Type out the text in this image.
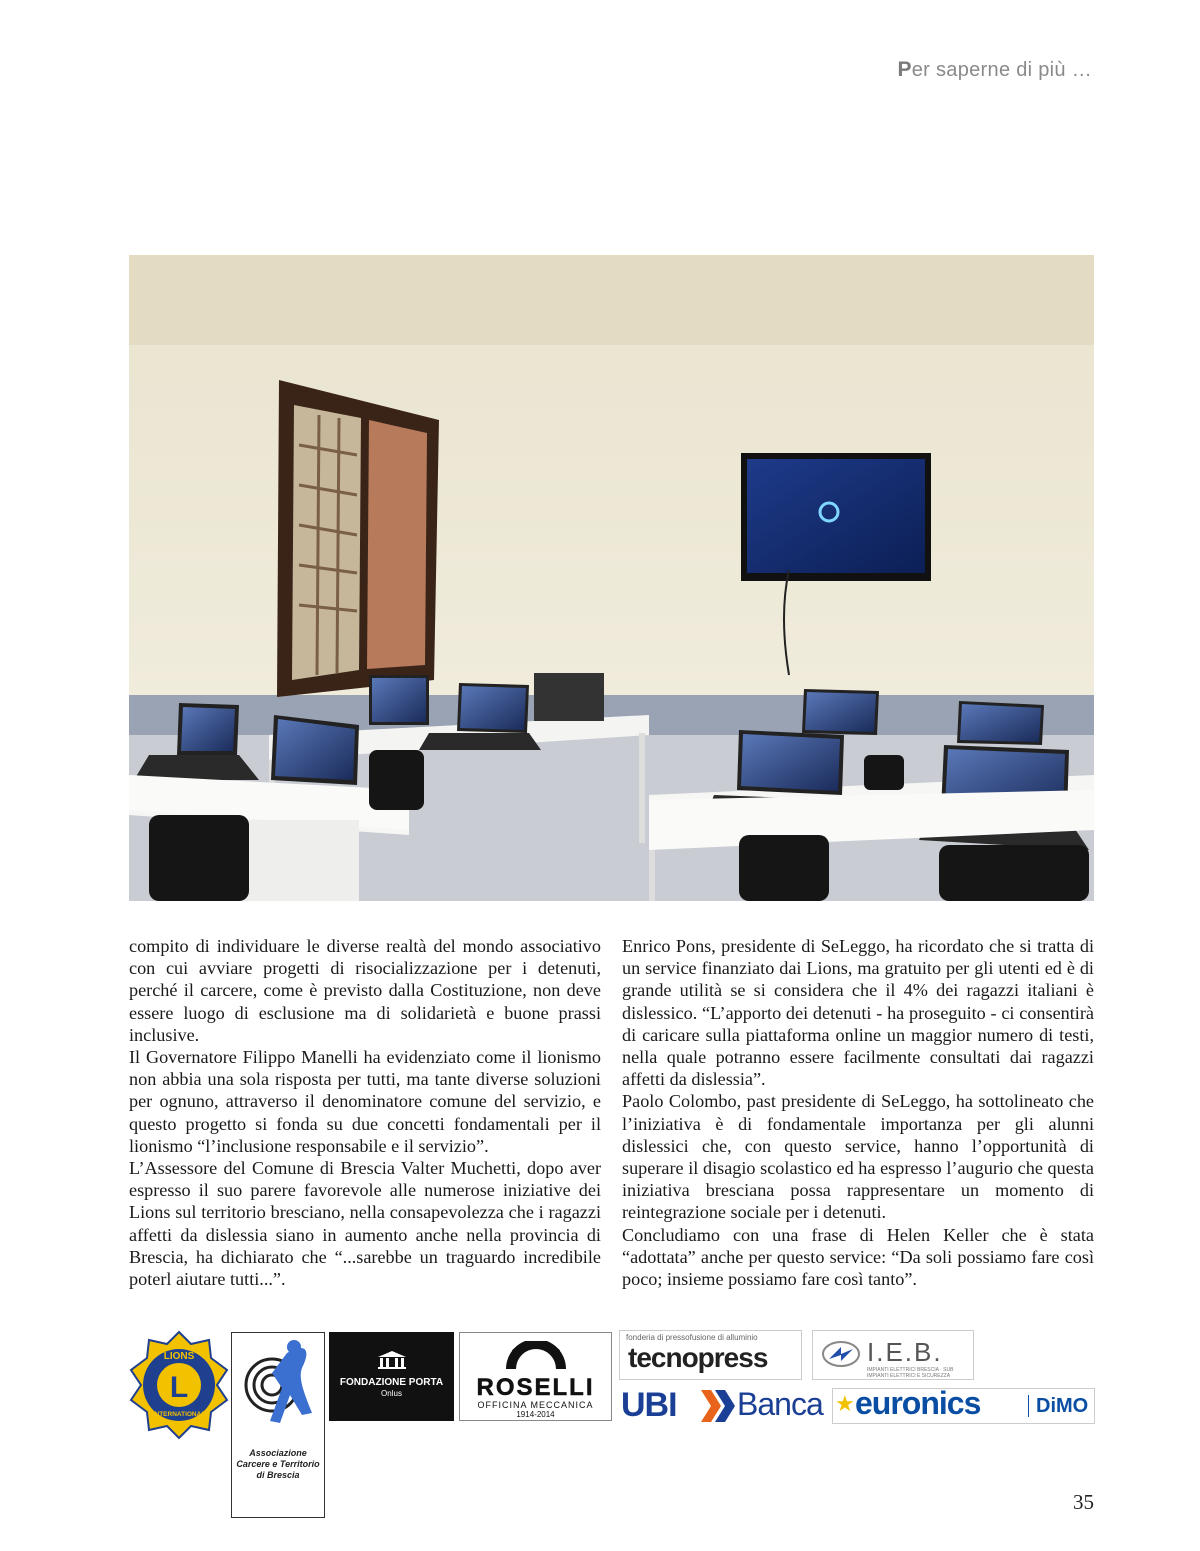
Per saperne di più …

compito di individuare le diverse realtà del mondo associativo con cui avviare progetti di risocializzazione per i detenuti, perché il carcere, come è previsto dalla Costituzione, non deve essere luogo di esclusione ma di solidarietà e buone prassi inclusive.

Il Governatore Filippo Manelli ha evidenziato come il lionismo non abbia una sola risposta per tutti, ma tante diverse soluzioni per ognuno, attraverso il denominatore comune del servizio, e questo progetto si fonda su due concetti fondamentali per il lionismo “l’inclusione responsabile e il servizio”.

L’Assessore del Comune di Brescia Valter Muchetti, dopo aver espresso il suo parere favorevole alle numerose iniziative dei Lions sul territorio bresciano, nella consapevolezza che i ragazzi affetti da dislessia siano in aumento anche nella provincia di Brescia, ha dichiarato che “...sarebbe un traguardo incredibile poterl aiutare tutti...”.

Enrico Pons, presidente di SeLeggo, ha ricordato che si tratta di un service finanziato dai Lions, ma gratuito per gli utenti ed è di grande utilità se si considera che il 4% dei ragazzi italiani è dislessico. “L’apporto dei detenuti - ha proseguito - ci consentirà di caricare sulla piattaforma online un maggior numero di testi, nella quale potranno essere facilmente consultati dai ragazzi affetti da dislessia”.

Paolo Colombo, past presidente di SeLeggo, ha sottolineato che l’iniziativa è di fondamentale importanza per gli alunni dislessici che, con questo service, hanno l’opportunità di superare il disagio scolastico ed ha espresso l’augurio che questa iniziativa bresciana possa rappresentare un momento di reintegrazione sociale per i detenuti.

Concludiamo con una frase di Helen Keller che è stata “adottata” anche per questo service: “Da soli possiamo fare così poco; insieme possiamo fare così tanto”.

LIONS
L
INTERNATIONAL
Associazione
Carcere e Territorio
di Brescia
FONDAZIONE PORTA
Onlus	ROSELLI
OFFICINA MECCANICA
1914-2014
fonderia di pressofusione di alluminio
tecnopress	I.E.B.
IMPIANTI ELETTRICI BRESCIA · SUB IMPIANTI ELETTRICI E SICUREZZA
UBI Banca ★ euronics	DiMO
35
